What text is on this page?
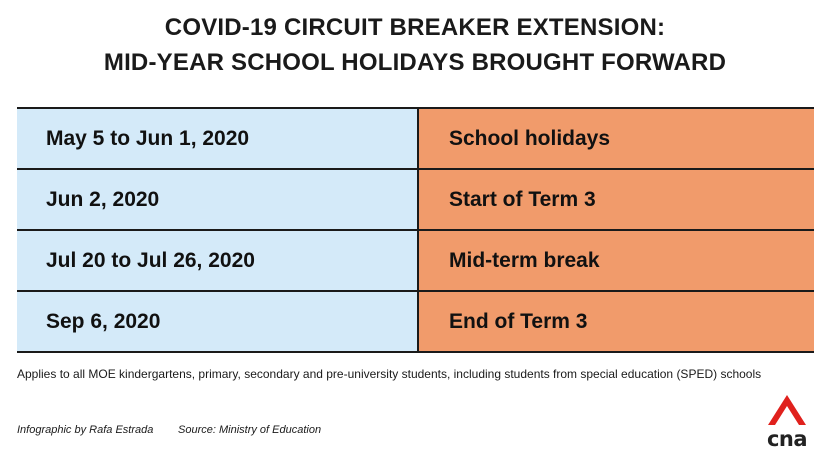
COVID-19 CIRCUIT BREAKER EXTENSION:
MID-YEAR SCHOOL HOLIDAYS BROUGHT FORWARD
May 5 to Jun 1, 2020	School holidays
Jun 2, 2020	Start of Term 3
Jul 20 to Jul 26, 2020	Mid-term break
Sep 6, 2020	End of Term 3
Applies to all MOE kindergartens, primary, secondary and pre-university students, including students from special education (SPED) schools
Infographic by Rafa Estrada Source: Ministry of Education	cna
